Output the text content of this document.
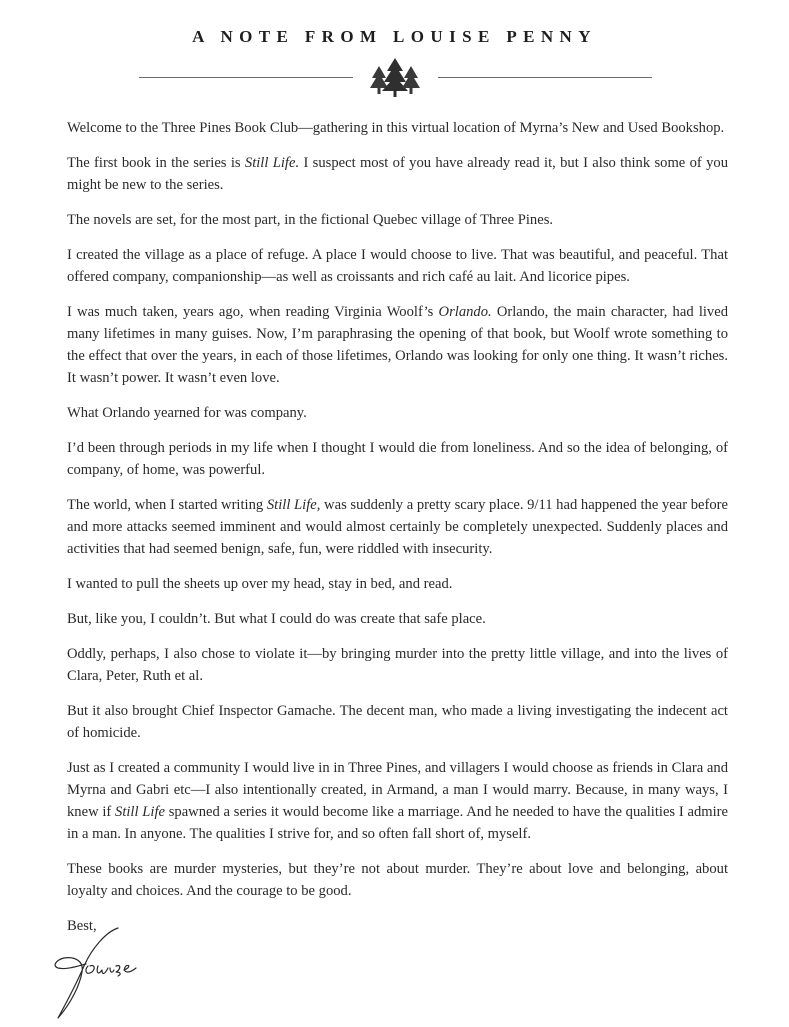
A NOTE FROM LOUISE PENNY

Welcome to the Three Pines Book Club—gathering in this virtual location of Myrna’s New and Used Bookshop.

The first book in the series is Still Life. I suspect most of you have already read it, but I also think some of you might be new to the series.

The novels are set, for the most part, in the fictional Quebec village of Three Pines.

I created the village as a place of refuge. A place I would choose to live. That was beautiful, and peaceful. That offered company, companionship—as well as croissants and rich café au lait. And licorice pipes.

I was much taken, years ago, when reading Virginia Woolf’s Orlando. Orlando, the main character, had lived many lifetimes in many guises. Now, I’m paraphrasing the opening of that book, but Woolf wrote something to the effect that over the years, in each of those lifetimes, Orlando was looking for only one thing. It wasn’t riches. It wasn’t power. It wasn’t even love.

What Orlando yearned for was company.

I’d been through periods in my life when I thought I would die from loneliness. And so the idea of belonging, of company, of home, was powerful.

The world, when I started writing Still Life, was suddenly a pretty scary place. 9/11 had happened the year before and more attacks seemed imminent and would almost certainly be completely unexpected. Suddenly places and activities that had seemed benign, safe, fun, were riddled with insecurity.

I wanted to pull the sheets up over my head, stay in bed, and read.

But, like you, I couldn’t. But what I could do was create that safe place.

Oddly, perhaps, I also chose to violate it—by bringing murder into the pretty little village, and into the lives of Clara, Peter, Ruth et al.

But it also brought Chief Inspector Gamache. The decent man, who made a living investigating the indecent act of homicide.

Just as I created a community I would live in in Three Pines, and villagers I would choose as friends in Clara and Myrna and Gabri etc—I also intentionally created, in Armand, a man I would marry. Because, in many ways, I knew if Still Life spawned a series it would become like a marriage. And he needed to have the qualities I admire in a man. In anyone. The qualities I strive for, and so often fall short of, myself.

These books are murder mysteries, but they’re not about murder. They’re about love and belonging, about loyalty and choices. And the courage to be good.

Best,
